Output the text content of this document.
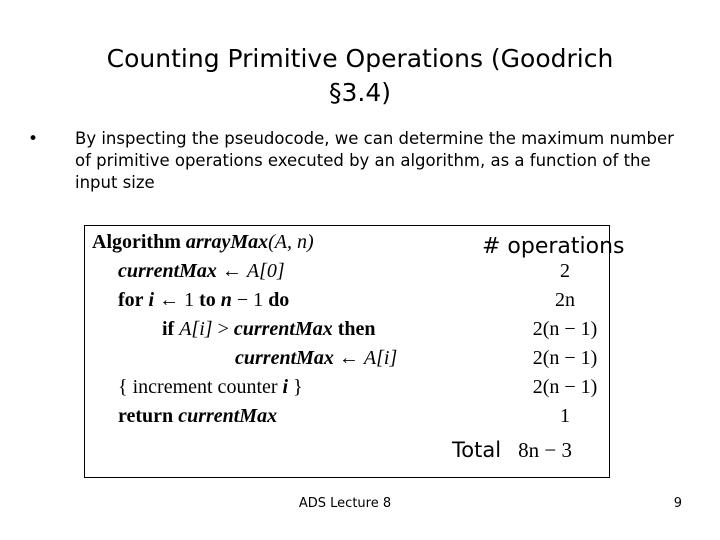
Counting Primitive Operations (Goodrich
§3.4)
• By inspecting the pseudocode, we can determine the maximum number of primitive operations executed by an algorithm, as a function of the input size
Algorithm arrayMax(A, n)
currentMax ← A[0]
for i ← 1 to n − 1 do
if A[i] > currentMax then
currentMax ← A[i]
{ increment counter i }
return currentMax
# operations
2
2n
2(n − 1)
2(n − 1)
2(n − 1)
1
Total 8n − 3
ADS Lecture 8	9
